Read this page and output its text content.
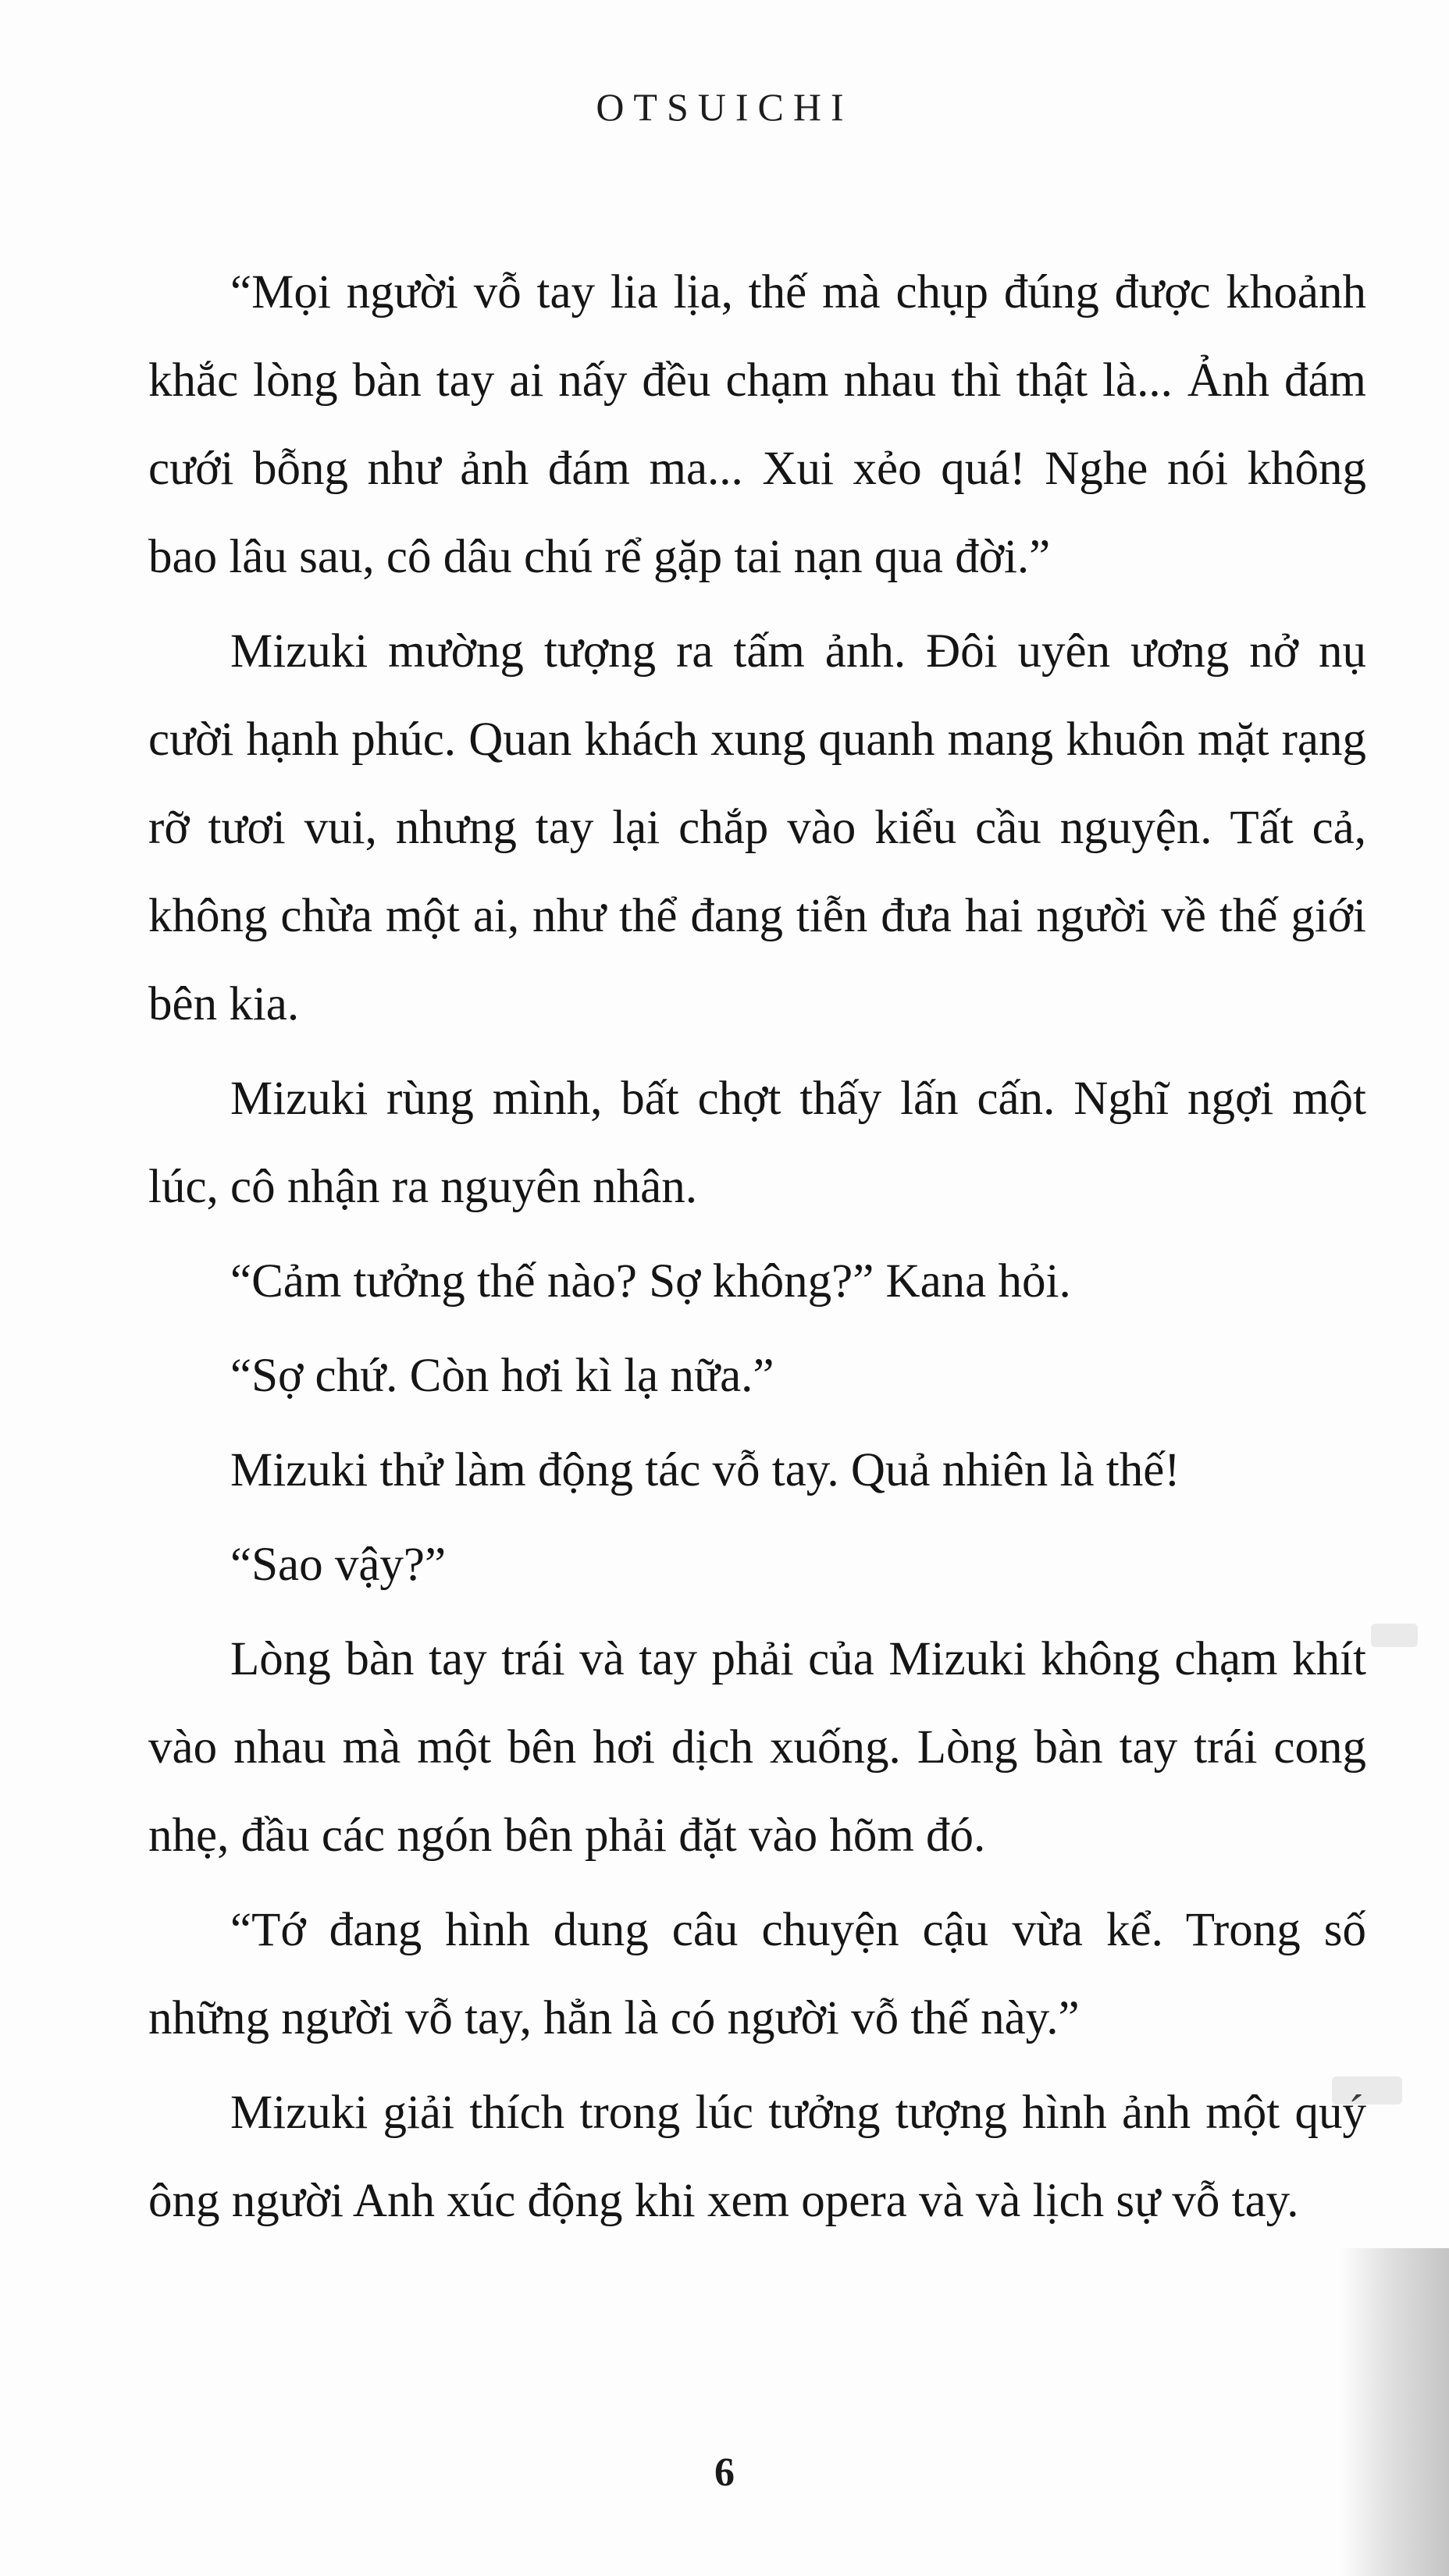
OTSUICHI

“Mọi người vỗ tay lia lịa, thế mà chụp đúng được khoảnh khắc lòng bàn tay ai nấy đều chạm nhau thì thật là... Ảnh đám cưới bỗng như ảnh đám ma... Xui xẻo quá! Nghe nói không bao lâu sau, cô dâu chú rể gặp tai nạn qua đời.”

Mizuki mường tượng ra tấm ảnh. Đôi uyên ương nở nụ cười hạnh phúc. Quan khách xung quanh mang khuôn mặt rạng rỡ tươi vui, nhưng tay lại chắp vào kiểu cầu nguyện. Tất cả, không chừa một ai, như thể đang tiễn đưa hai người về thế giới bên kia.

Mizuki rùng mình, bất chợt thấy lấn cấn. Nghĩ ngợi một lúc, cô nhận ra nguyên nhân.

“Cảm tưởng thế nào? Sợ không?” Kana hỏi.

“Sợ chứ. Còn hơi kì lạ nữa.”

Mizuki thử làm động tác vỗ tay. Quả nhiên là thế!

“Sao vậy?”

Lòng bàn tay trái và tay phải của Mizuki không chạm khít vào nhau mà một bên hơi dịch xuống. Lòng bàn tay trái cong nhẹ, đầu các ngón bên phải đặt vào hõm đó.

“Tớ đang hình dung câu chuyện cậu vừa kể. Trong số những người vỗ tay, hẳn là có người vỗ thế này.”

Mizuki giải thích trong lúc tưởng tượng hình ảnh một quý ông người Anh xúc động khi xem opera và và lịch sự vỗ tay.

6
